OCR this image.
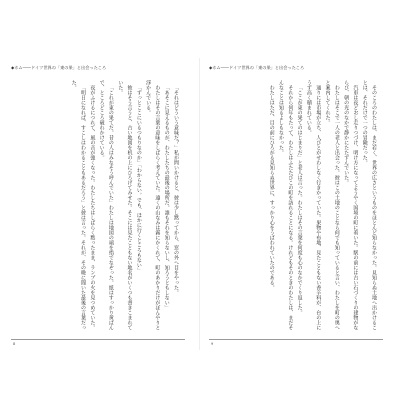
◆ホム――ドイツ世界の「東の果」と出会ったころ

「それはどういう意味だ？」私が問いかけると、彼は少し黙ってから、窓の外へ目をやった。

「あそこに見えるものが、わたしたちの最後の場所だ。誰もそれを知らないし、知ろうともしない」

わたしはその言葉の意味をしばらく考えていた。遠くの山なみは霧にかくれて、町のあかりだけがぼんやりと浮かんでいる。

「ずっとここにいるつもりなのか」「わからない。でも、ほかに行くところもない」

彼はそう言うと、古い地図を机の上にひろげてみせた。そこには見たこともない地名がいくつも書きこまれていた。

「これが東の果てだ。昔の人はみなそう呼んでいた」わたしは地図の端を指でなぞった。紙はすっかり黄ばんで、ところどころ破れかけている。

夜がふけるにつれて、風の音が強くなった。わたしたちはしばらく黙ったまま、ランプの火を見つめていた。

「明日になれば、すこしはわかることもあるだろう」と彼は言った。それが、その晩に聞いた最後の言葉だった。

8
◆ホム――ドイツ世界の「東の果」と出会ったころ

そのころのわたしは、まだ若く、世界の広さというものをほとんど知らなかった。見知らぬ土地へ出かけることは、それだけで一つの冒険だった。

汽車は夜どおし走りつづけ、明け方になってようやく国境の町に着いた。駅の前には古い石づくりの建物がならび、朝の光のなかで静かにたたずんでいた。

わたしはそこで一人の老人と出会った。彼はこの土地のことなら何でも知っていると言い、わたしを町の奥へと案内してくれた。

通りには市場が立ち、人びとがせわしなく行きかっていた。果物や布地、見たこともない香辛料が、台の上にうず高く積まれている。

「ここが東の果てのはじまりだ」と老人は言った。わたしはその言葉を何度も心のなかでくり返した。

それから何年もたって、わたしはふたたびこの町を訪れることになる。けれどもそのときのわたしは、まだそんなことは知るよしもなかった。

わたしはただ、目の前にひろがる見知らぬ世界に、すっかり心をうばわれていたのである。

9
